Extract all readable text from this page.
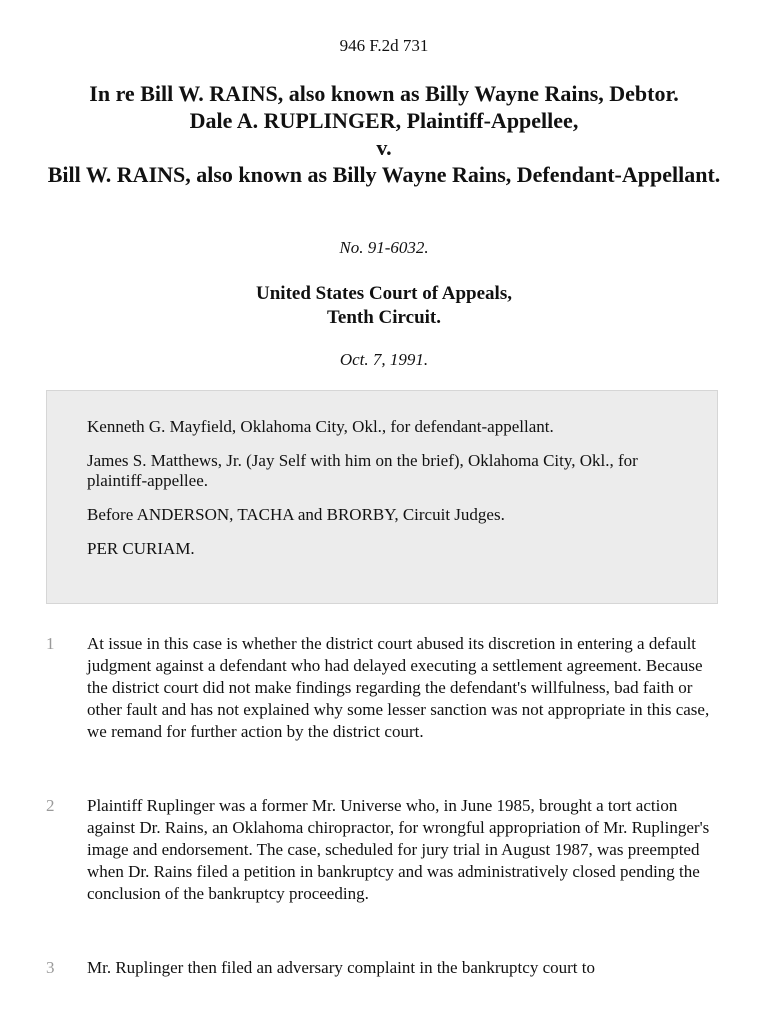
946 F.2d 731
In re Bill W. RAINS, also known as Billy Wayne Rains, Debtor.
Dale A. RUPLINGER, Plaintiff-Appellee,
v.
Bill W. RAINS, also known as Billy Wayne Rains, Defendant-Appellant.
No. 91-6032.
United States Court of Appeals,
Tenth Circuit.
Oct. 7, 1991.

Kenneth G. Mayfield, Oklahoma City, Okl., for defendant-appellant.

James S. Matthews, Jr. (Jay Self with him on the brief), Oklahoma City, Okl., for plaintiff-appellee.

Before ANDERSON, TACHA and BRORBY, Circuit Judges.

PER CURIAM.

1	At issue in this case is whether the district court abused its discretion in entering a default judgment against a defendant who had delayed executing a settlement agreement. Because the district court did not make findings regarding the defendant's willfulness, bad faith or other fault and has not explained why some lesser sanction was not appropriate in this case, we remand for further action by the district court.
2	Plaintiff Ruplinger was a former Mr. Universe who, in June 1985, brought a tort action against Dr. Rains, an Oklahoma chiropractor, for wrongful appropriation of Mr. Ruplinger's image and endorsement. The case, scheduled for jury trial in August 1987, was preempted when Dr. Rains filed a petition in bankruptcy and was administratively closed pending the conclusion of the bankruptcy proceeding.
3	Mr. Ruplinger then filed an adversary complaint in the bankruptcy court to
